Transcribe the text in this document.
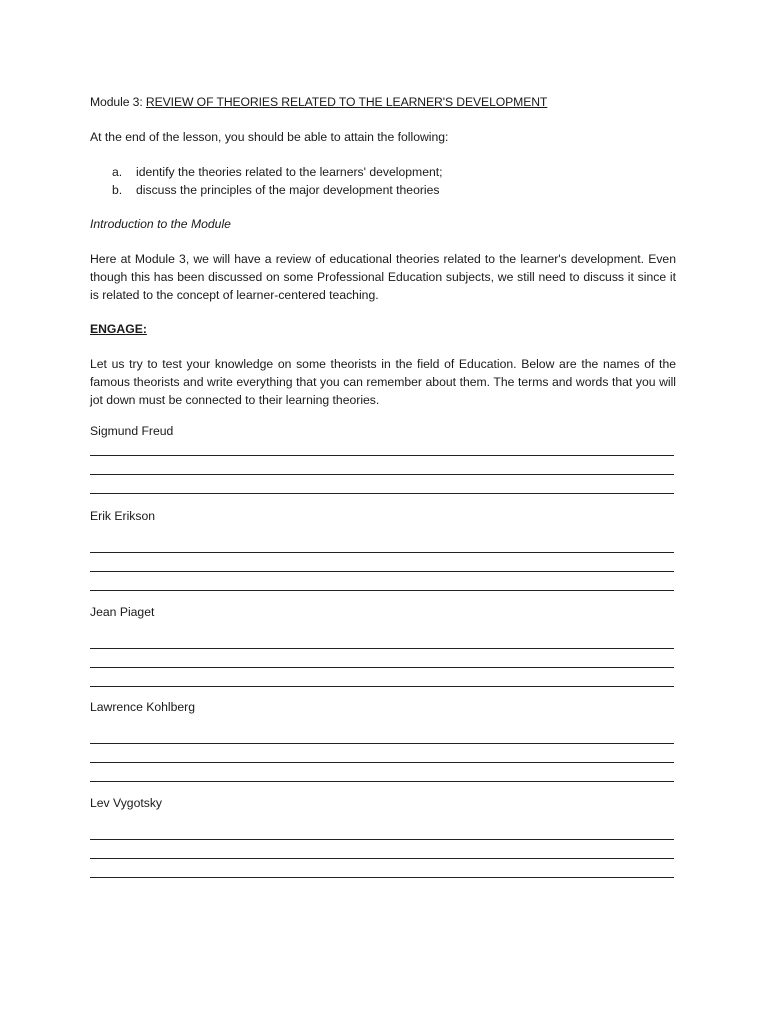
Module 3: REVIEW OF THEORIES RELATED TO THE LEARNER'S DEVELOPMENT
At the end of the lesson, you should be able to attain the following:
a.	identify the theories related to the learners' development;
b.	discuss the principles of the major development theories
Introduction to the Module

Here at Module 3, we will have a review of educational theories related to the learner's development. Even though this has been discussed on some Professional Education subjects, we still need to discuss it since it is related to the concept of learner-centered teaching.

ENGAGE:

Let us try to test your knowledge on some theorists in the field of Education. Below are the names of the famous theorists and write everything that you can remember about them. The terms and words that you will jot down must be connected to their learning theories.

Sigmund Freud
Erik Erikson
Jean Piaget
Lawrence Kohlberg
Lev Vygotsky
